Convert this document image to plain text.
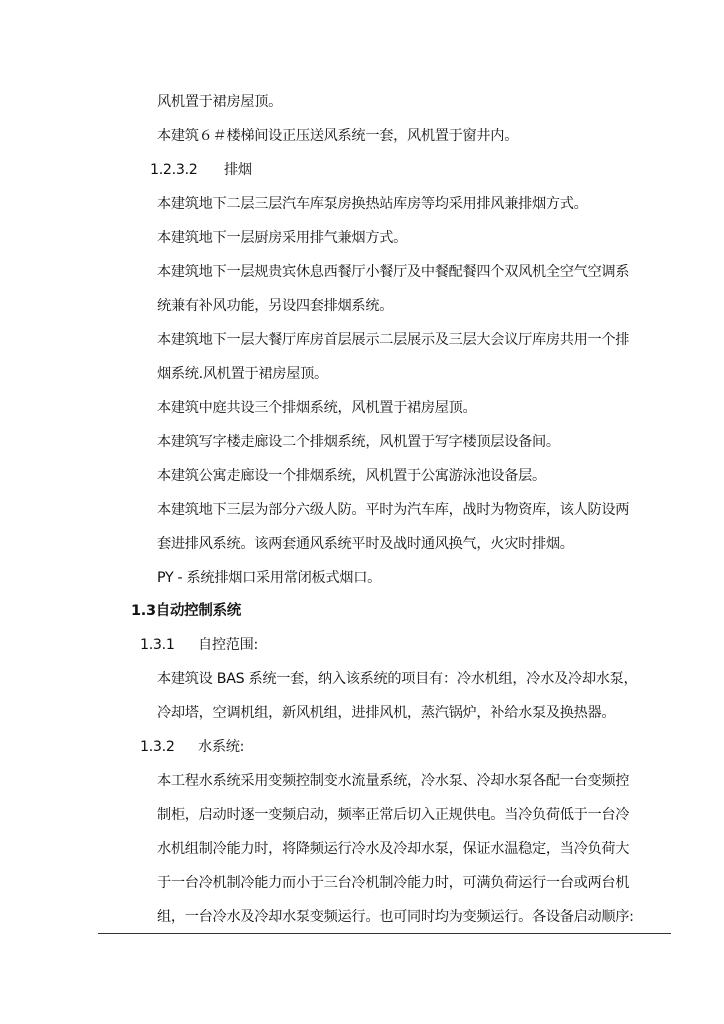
风机置于裙房屋顶。
本建筑６＃楼梯间设正压送风系统一套，风机置于窗井内。
1.2.3.2 排烟
本建筑地下二层三层汽车库泵房换热站库房等均采用排风兼排烟方式。
本建筑地下一层厨房采用排气兼烟方式。
本建筑地下一层规贵宾休息西餐厅小餐厅及中餐配餐四个双风机全空气空调系
统兼有补风功能，另设四套排烟系统。
本建筑地下一层大餐厅库房首层展示二层展示及三层大会议厅库房共用一个排
烟系统.风机置于裙房屋顶。
本建筑中庭共设三个排烟系统，风机置于裙房屋顶。
本建筑写字楼走廊设二个排烟系统，风机置于写字楼顶层设备间。
本建筑公寓走廊设一个排烟系统，风机置于公寓游泳池设备层。
本建筑地下三层为部分六级人防。平时为汽车库，战时为物资库，该人防设两
套进排风系统。该两套通风系统平时及战时通风换气，火灾时排烟。
PY - 系统排烟口采用常闭板式烟口。
1.3自动控制系统
1.3.1 自控范围:
本建筑设 BAS 系统一套，纳入该系统的项目有：冷水机组，冷水及冷却水泵，
冷却塔，空调机组，新风机组，进排风机，蒸汽锅炉，补给水泵及换热器。
1.3.2 水系统:
本工程水系统采用变频控制变水流量系统，冷水泵、冷却水泵各配一台变频控
制柜，启动时逐一变频启动，频率正常后切入正规供电。当冷负荷低于一台冷
水机组制冷能力时，将降频运行冷水及冷却水泵，保证水温稳定，当冷负荷大
于一台冷机制冷能力而小于三台冷机制冷能力时，可满负荷运行一台或两台机
组，一台冷水及冷却水泵变频运行。也可同时均为变频运行。各设备启动顺序:
